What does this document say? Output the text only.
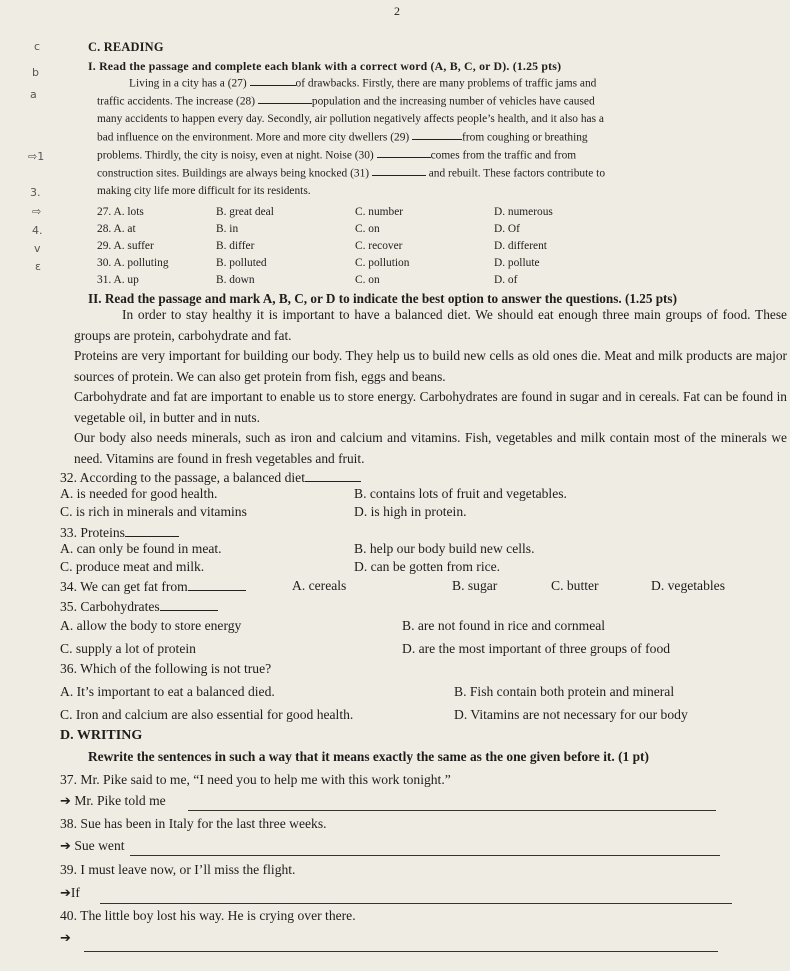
2
c
b
a
⇨1
3.
⇨
4.
v
ɛ
C. READING
I. Read the passage and complete each blank with a correct word (A, B, C, or D). (1.25 pts)
Living in a city has a (27)	of drawbacks. Firstly, there are many problems of traffic jams and
traffic accidents. The increase (28)	population and the increasing number of vehicles have caused
many accidents to happen every day. Secondly, air pollution negatively affects people’s health, and it also has a
bad influence on the environment. More and more city dwellers (29)	from coughing or breathing
problems. Thirdly, the city is noisy, even at night. Noise (30)	comes from the traffic and from
construction sites. Buildings are always being knocked (31)	and rebuilt. These factors contribute to
making city life more difficult for its residents.
27. A. lots	B. great deal	C. number	D. numerous
28. A. at	B. in	C. on	D. Of
29. A. suffer	B. differ	C. recover	D. different
30. A. polluting	B. polluted	C. pollution	D. pollute
31. A. up	B. down	C. on	D. of
II. Read the passage and mark A, B, C, or D to indicate the best option to answer the questions. (1.25 pts)
In order to stay healthy it is important to have a balanced diet. We should eat enough three main groups of food. These groups are protein, carbohydrate and fat.
Proteins are very important for building our body. They help us to build new cells as old ones die. Meat and milk products are major sources of protein. We can also get protein from fish, eggs and beans.
Carbohydrate and fat are important to enable us to store energy. Carbohydrates are found in sugar and in cereals. Fat can be found in vegetable oil, in butter and in nuts.
Our body also needs minerals, such as iron and calcium and vitamins. Fish, vegetables and milk contain most of the minerals we need. Vitamins are found in fresh vegetables and fruit.
32. According to the passage, a balanced diet
A. is needed for good health.	B. contains lots of fruit and vegetables.
C. is rich in minerals and vitamins	D. is high in protein.
33. Proteins
A. can only be found in meat.	B. help our body build new cells.
C. produce meat and milk.	D. can be gotten from rice.
34. We can get fat from	A. cereals	B. sugar	C. butter	D. vegetables
35. Carbohydrates
A. allow the body to store energy	B. are not found in rice and cornmeal
C. supply a lot of protein	D. are the most important of three groups of food
36. Which of the following is not true?
A. It’s important to eat a balanced died.	B. Fish contain both protein and mineral
C. Iron and calcium are also essential for good health.	D. Vitamins are not necessary for our body
D. WRITING
Rewrite the sentences in such a way that it means exactly the same as the one given before it. (1 pt)
37. Mr. Pike said to me, “I need you to help me with this work tonight.”
➔ Mr. Pike told me
38. Sue has been in Italy for the last three weeks.
➔ Sue went
39. I must leave now, or I’ll miss the flight.
➔If
40. The little boy lost his way. He is crying over there.
➔
